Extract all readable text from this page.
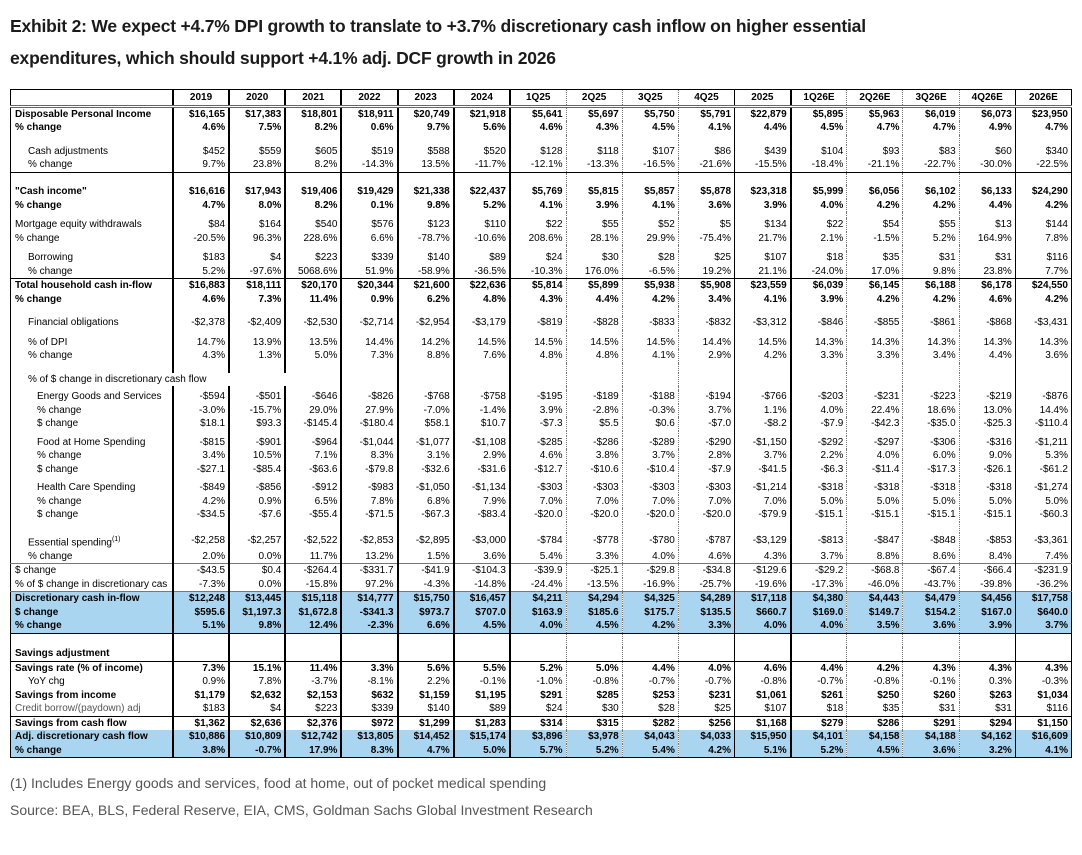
Exhibit 2: We expect +4.7% DPI growth to translate to +3.7% discretionary cash inflow on higher essential
expenditures, which should support +4.1% adj. DCF growth in 2026
	2019	2020	2021	2022	2023	2024	1Q25	2Q25	3Q25	4Q25	2025	1Q26E	2Q26E	3Q26E	4Q26E	2026E
Disposable Personal Income	$16,165	$17,383	$18,801	$18,911	$20,749	$21,918	$5,641	$5,697	$5,750	$5,791	$22,879	$5,895	$5,963	$6,019	$6,073	$23,950
% change	4.6%	7.5%	8.2%	0.6%	9.7%	5.6%	4.6%	4.3%	4.5%	4.1%	4.4%	4.5%	4.7%	4.7%	4.9%	4.7%

Cash adjustments	$452	$559	$605	$519	$588	$520	$128	$118	$107	$86	$439	$104	$93	$83	$60	$340
% change	9.7%	23.8%	8.2%	-14.3%	13.5%	-11.7%	-12.1%	-13.3%	-16.5%	-21.6%	-15.5%	-18.4%	-21.1%	-22.7%	-30.0%	-22.5%

"Cash income"	$16,616	$17,943	$19,406	$19,429	$21,338	$22,437	$5,769	$5,815	$5,857	$5,878	$23,318	$5,999	$6,056	$6,102	$6,133	$24,290
% change	4.7%	8.0%	8.2%	0.1%	9.8%	5.2%	4.1%	3.9%	4.1%	3.6%	3.9%	4.0%	4.2%	4.2%	4.4%	4.2%

Mortgage equity withdrawals	$84	$164	$540	$576	$123	$110	$22	$55	$52	$5	$134	$22	$54	$55	$13	$144
% change	-20.5%	96.3%	228.6%	6.6%	-78.7%	-10.6%	208.6%	28.1%	29.9%	-75.4%	21.7%	2.1%	-1.5%	5.2%	164.9%	7.8%

Borrowing	$183	$4	$223	$339	$140	$89	$24	$30	$28	$25	$107	$18	$35	$31	$31	$116
% change	5.2%	-97.6%	5068.6%	51.9%	-58.9%	-36.5%	-10.3%	176.0%	-6.5%	19.2%	21.1%	-24.0%	17.0%	9.8%	23.8%	7.7%
Total household cash in-flow	$16,883	$18,111	$20,170	$20,344	$21,600	$22,636	$5,814	$5,899	$5,938	$5,908	$23,559	$6,039	$6,145	$6,188	$6,178	$24,550
% change	4.6%	7.3%	11.4%	0.9%	6.2%	4.8%	4.3%	4.4%	4.2%	3.4%	4.1%	3.9%	4.2%	4.2%	4.6%	4.2%

Financial obligations	-$2,378	-$2,409	-$2,530	-$2,714	-$2,954	-$3,179	-$819	-$828	-$833	-$832	-$3,312	-$846	-$855	-$861	-$868	-$3,431

% of DPI	14.7%	13.9%	13.5%	14.4%	14.2%	14.5%	14.5%	14.5%	14.5%	14.4%	14.5%	14.3%	14.3%	14.3%	14.3%	14.3%
% change	4.3%	1.3%	5.0%	7.3%	8.8%	7.6%	4.8%	4.8%	4.1%	2.9%	4.2%	3.3%	3.3%	3.4%	4.4%	3.6%

% of $ change in discretionary cash flow																

Energy Goods and Services	-$594	-$501	-$646	-$826	-$768	-$758	-$195	-$189	-$188	-$194	-$766	-$203	-$231	-$223	-$219	-$876
% change	-3.0%	-15.7%	29.0%	27.9%	-7.0%	-1.4%	3.9%	-2.8%	-0.3%	3.7%	1.1%	4.0%	22.4%	18.6%	13.0%	14.4%
$ change	$18.1	$93.3	-$145.4	-$180.4	$58.1	$10.7	-$7.3	$5.5	$0.6	-$7.0	-$8.2	-$7.9	-$42.3	-$35.0	-$25.3	-$110.4

Food at Home Spending	-$815	-$901	-$964	-$1,044	-$1,077	-$1,108	-$285	-$286	-$289	-$290	-$1,150	-$292	-$297	-$306	-$316	-$1,211
% change	3.4%	10.5%	7.1%	8.3%	3.1%	2.9%	4.6%	3.8%	3.7%	2.8%	3.7%	2.2%	4.0%	6.0%	9.0%	5.3%
$ change	-$27.1	-$85.4	-$63.6	-$79.8	-$32.6	-$31.6	-$12.7	-$10.6	-$10.4	-$7.9	-$41.5	-$6.3	-$11.4	-$17.3	-$26.1	-$61.2

Health Care Spending	-$849	-$856	-$912	-$983	-$1,050	-$1,134	-$303	-$303	-$303	-$303	-$1,214	-$318	-$318	-$318	-$318	-$1,274
% change	4.2%	0.9%	6.5%	7.8%	6.8%	7.9%	7.0%	7.0%	7.0%	7.0%	7.0%	5.0%	5.0%	5.0%	5.0%	5.0%
$ change	-$34.5	-$7.6	-$55.4	-$71.5	-$67.3	-$83.4	-$20.0	-$20.0	-$20.0	-$20.0	-$79.9	-$15.1	-$15.1	-$15.1	-$15.1	-$60.3

Essential spending$^{(1)}$	-$2,258	-$2,257	-$2,522	-$2,853	-$2,895	-$3,000	-$784	-$778	-$780	-$787	-$3,129	-$813	-$847	-$848	-$853	-$3,361
% change	2.0%	0.0%	11.7%	13.2%	1.5%	3.6%	5.4%	3.3%	4.0%	4.6%	4.3%	3.7%	8.8%	8.6%	8.4%	7.4%
$ change	-$43.5	$0.4	-$264.4	-$331.7	-$41.9	-$104.3	-$39.9	-$25.1	-$29.8	-$34.8	-$129.6	-$29.2	-$68.8	-$67.4	-$66.4	-$231.9
% of $ change in discretionary cas	-7.3%	0.0%	-15.8%	97.2%	-4.3%	-14.8%	-24.4%	-13.5%	-16.9%	-25.7%	-19.6%	-17.3%	-46.0%	-43.7%	-39.8%	-36.2%
Discretionary cash in-flow	$12,248	$13,445	$15,118	$14,777	$15,750	$16,457	$4,211	$4,294	$4,325	$4,289	$17,118	$4,380	$4,443	$4,479	$4,456	$17,758
$ change	$595.6	$1,197.3	$1,672.8	-$341.3	$973.7	$707.0	$163.9	$185.6	$175.7	$135.5	$660.7	$169.0	$149.7	$154.2	$167.0	$640.0
% change	5.1%	9.8%	12.4%	-2.3%	6.6%	4.5%	4.0%	4.5%	4.2%	3.3%	4.0%	4.0%	3.5%	3.6%	3.9%	3.7%

Savings adjustment																
Savings rate (% of income)	7.3%	15.1%	11.4%	3.3%	5.6%	5.5%	5.2%	5.0%	4.4%	4.0%	4.6%	4.4%	4.2%	4.3%	4.3%	4.3%
YoY chg	0.9%	7.8%	-3.7%	-8.1%	2.2%	-0.1%	-1.0%	-0.8%	-0.7%	-0.7%	-0.8%	-0.7%	-0.8%	-0.1%	0.3%	-0.3%
Savings from income	$1,179	$2,632	$2,153	$632	$1,159	$1,195	$291	$285	$253	$231	$1,061	$261	$250	$260	$263	$1,034
Credit borrow/(paydown) adj	$183	$4	$223	$339	$140	$89	$24	$30	$28	$25	$107	$18	$35	$31	$31	$116
Savings from cash flow	$1,362	$2,636	$2,376	$972	$1,299	$1,283	$314	$315	$282	$256	$1,168	$279	$286	$291	$294	$1,150
Adj. discretionary cash flow	$10,886	$10,809	$12,742	$13,805	$14,452	$15,174	$3,896	$3,978	$4,043	$4,033	$15,950	$4,101	$4,158	$4,188	$4,162	$16,609
% change	3.8%	-0.7%	17.9%	8.3%	4.7%	5.0%	5.7%	5.2%	5.4%	4.2%	5.1%	5.2%	4.5%	3.6%	3.2%	4.1%
(1) Includes Energy goods and services, food at home, out of pocket medical spending
Source: BEA, BLS, Federal Reserve, EIA, CMS, Goldman Sachs Global Investment Research
